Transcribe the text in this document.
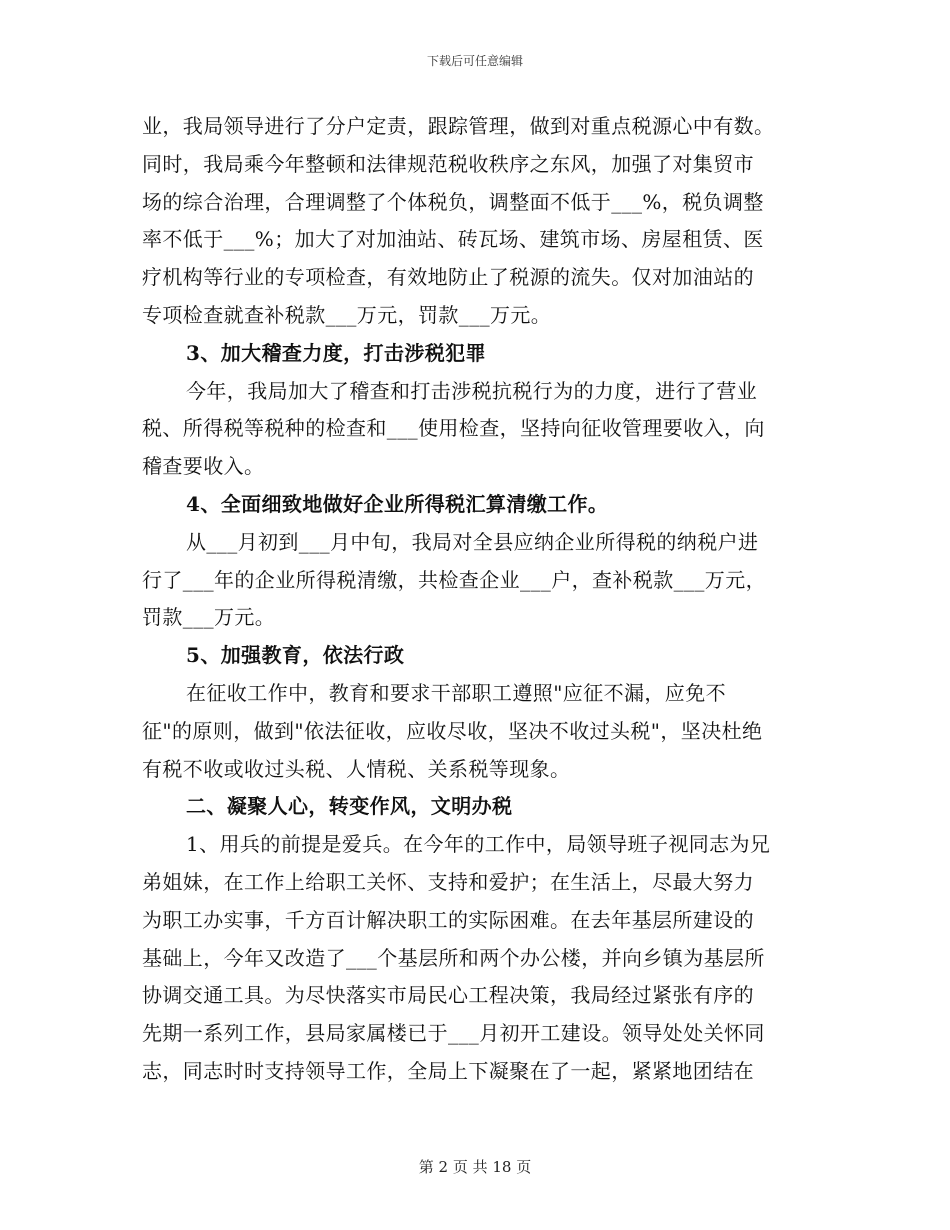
下载后可任意编辑
业，我局领导进行了分户定责，跟踪管理，做到对重点税源心中有数。
同时，我局乘今年整顿和法律规范税收秩序之东风，加强了对集贸市
场的综合治理，合理调整了个体税负，调整面不低于___%，税负调整
率不低于___%；加大了对加油站、砖瓦场、建筑市场、房屋租赁、医
疗机构等行业的专项检查，有效地防止了税源的流失。仅对加油站的
专项检查就查补税款___万元，罚款___万元。
3、加大稽查力度，打击涉税犯罪
今年，我局加大了稽查和打击涉税抗税行为的力度，进行了营业
税、所得税等税种的检查和___使用检查，坚持向征收管理要收入，向
稽查要收入。
4、全面细致地做好企业所得税汇算清缴工作。
从___月初到___月中旬，我局对全县应纳企业所得税的纳税户进
行了___年的企业所得税清缴，共检查企业___户，查补税款___万元，
罚款___万元。
5、加强教育，依法行政
在征收工作中，教育和要求干部职工遵照"应征不漏，应免不
征"的原则，做到"依法征收，应收尽收，坚决不收过头税"，坚决杜绝
有税不收或收过头税、人情税、关系税等现象。
二、凝聚人心，转变作风，文明办税
1、用兵的前提是爱兵。在今年的工作中，局领导班子视同志为兄
弟姐妹，在工作上给职工关怀、支持和爱护；在生活上，尽最大努力
为职工办实事，千方百计解决职工的实际困难。在去年基层所建设的
基础上，今年又改造了___个基层所和两个办公楼，并向乡镇为基层所
协调交通工具。为尽快落实市局民心工程决策，我局经过紧张有序的
先期一系列工作，县局家属楼已于___月初开工建设。领导处处关怀同
志，同志时时支持领导工作，全局上下凝聚在了一起，紧紧地团结在
第 2 页 共 18 页
